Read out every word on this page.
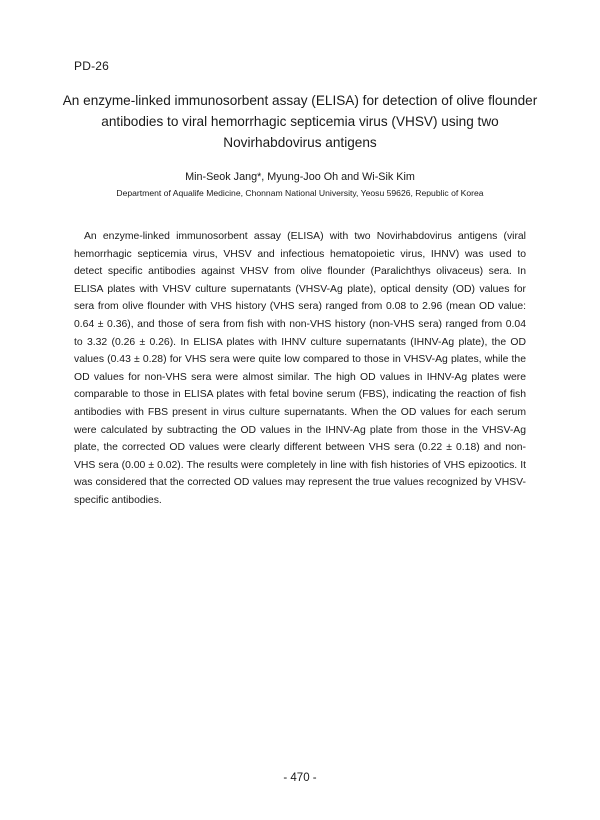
PD-26
An enzyme-linked immunosorbent assay (ELISA) for detection of olive flounder antibodies to viral hemorrhagic septicemia virus (VHSV) using two Novirhabdovirus antigens
Min-Seok Jang*, Myung-Joo Oh and Wi-Sik Kim
Department of Aqualife Medicine, Chonnam National University, Yeosu 59626, Republic of Korea

An enzyme-linked immunosorbent assay (ELISA) with two Novirhabdovirus antigens (viral hemorrhagic septicemia virus, VHSV and infectious hematopoietic virus, IHNV) was used to detect specific antibodies against VHSV from olive flounder (Paralichthys olivaceus) sera. In ELISA plates with VHSV culture supernatants (VHSV-Ag plate), optical density (OD) values for sera from olive flounder with VHS history (VHS sera) ranged from 0.08 to 2.96 (mean OD value: 0.64 ± 0.36), and those of sera from fish with non-VHS history (non-VHS sera) ranged from 0.04 to 3.32 (0.26 ± 0.26). In ELISA plates with IHNV culture supernatants (IHNV-Ag plate), the OD values (0.43 ± 0.28) for VHS sera were quite low compared to those in VHSV-Ag plates, while the OD values for non-VHS sera were almost similar. The high OD values in IHNV-Ag plates were comparable to those in ELISA plates with fetal bovine serum (FBS), indicating the reaction of fish antibodies with FBS present in virus culture supernatants. When the OD values for each serum were calculated by subtracting the OD values in the IHNV-Ag plate from those in the VHSV-Ag plate, the corrected OD values were clearly different between VHS sera (0.22 ± 0.18) and non-VHS sera (0.00 ± 0.02). The results were completely in line with fish histories of VHS epizootics. It was considered that the corrected OD values may represent the true values recognized by VHSV-specific antibodies.

- 470 -
